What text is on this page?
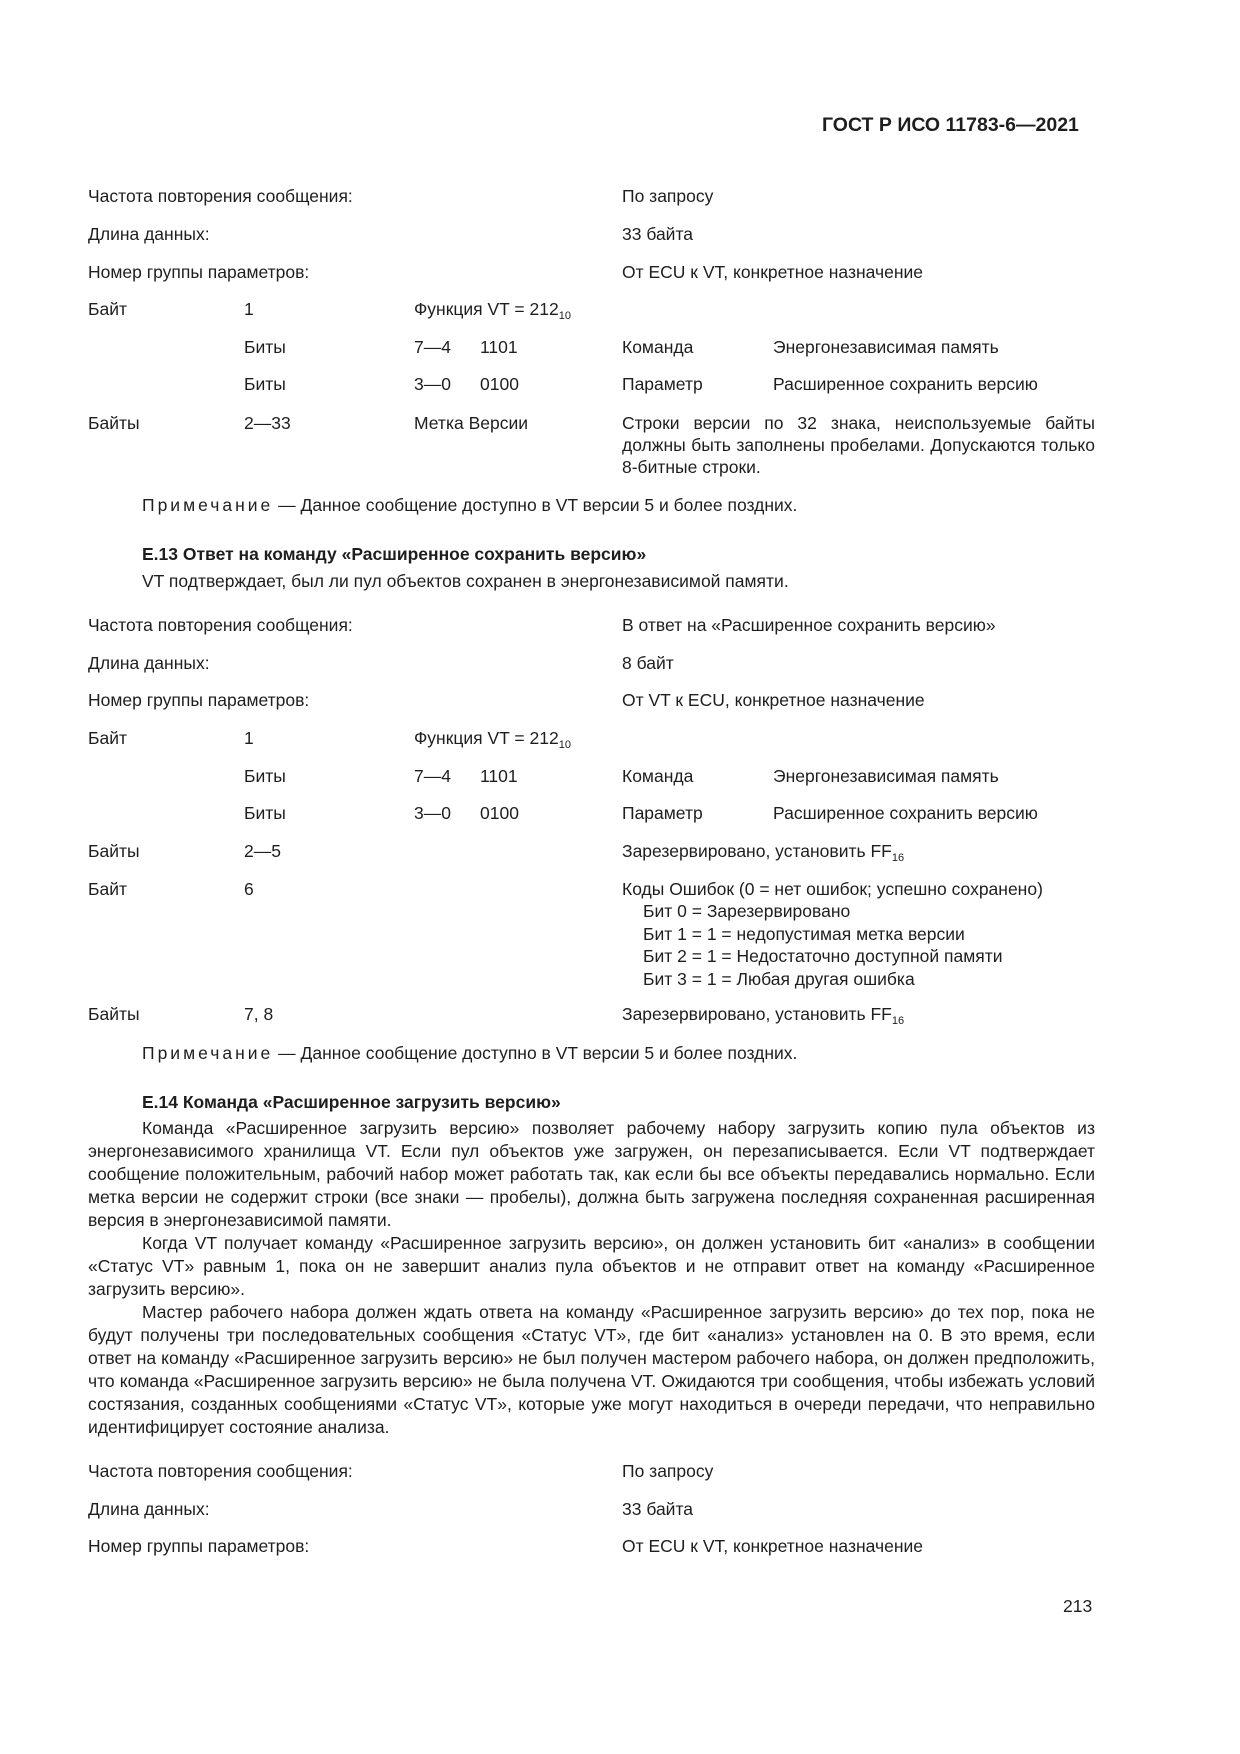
ГОСТ Р ИСО 11783-6—2021
Частота повторения сообщения:	По запросу
Длина данных:	33 байта
Номер группы параметров:	От ECU к VT, конкретное назначение
Байт	1	Функция VT = $212_{10}$
Биты	7—4 1101	Команда	Энергонезависимая память
Биты	3—0 0100	Параметр	Расширенное сохранить версию
Байты	2—33	Метка Версии	Строки версии по 32 знака, неиспользуемые байты должны быть заполнены пробелами. Допускаются только 8-битные строки.
Примечание — Данное сообщение доступно в VT версии 5 и более поздних.
E.13 Ответ на команду «Расширенное сохранить версию»
VT подтверждает, был ли пул объектов сохранен в энергонезависимой памяти.
Частота повторения сообщения:	В ответ на «Расширенное сохранить версию»
Длина данных:	8 байт
Номер группы параметров:	От VT к ECU, конкретное назначение
Байт	1	Функция VT = $212_{10}$
Биты	7—4 1101	Команда	Энергонезависимая память
Биты	3—0 0100	Параметр	Расширенное сохранить версию
Байты	2—5	Зарезервировано, установить $FF_{16}$
Байт	6	Коды Ошибок (0 = нет ошибок; успешно сохранено)
Бит 0 = Зарезервировано
Бит 1 = 1 = недопустимая метка версии
Бит 2 = 1 = Недостаточно доступной памяти
Бит 3 = 1 = Любая другая ошибка
Байты	7, 8	Зарезервировано, установить $FF_{16}$
Примечание — Данное сообщение доступно в VT версии 5 и более поздних.
E.14 Команда «Расширенное загрузить версию»

Команда «Расширенное загрузить версию» позволяет рабочему набору загрузить копию пула объектов из энергонезависимого хранилища VT. Если пул объектов уже загружен, он перезаписывается. Если VT подтверждает сообщение положительным, рабочий набор может работать так, как если бы все объекты передавались нормально. Если метка версии не содержит строки (все знаки — пробелы), должна быть загружена последняя сохраненная расширенная версия в энергонезависимой памяти.

Когда VT получает команду «Расширенное загрузить версию», он должен установить бит «анализ» в сообщении «Статус VT» равным 1, пока он не завершит анализ пула объектов и не отправит ответ на команду «Расширенное загрузить версию».

Мастер рабочего набора должен ждать ответа на команду «Расширенное загрузить версию» до тех пор, пока не будут получены три последовательных сообщения «Статус VT», где бит «анализ» установлен на 0. В это время, если ответ на команду «Расширенное загрузить версию» не был получен мастером рабочего набора, он должен предположить, что команда «Расширенное загрузить версию» не была получена VT. Ожидаются три сообщения, чтобы избежать условий состязания, созданных сообщениями «Статус VT», которые уже могут находиться в очереди передачи, что неправильно идентифицирует состояние анализа.

Частота повторения сообщения:	По запросу
Длина данных:	33 байта
Номер группы параметров:	От ECU к VT, конкретное назначение
213
